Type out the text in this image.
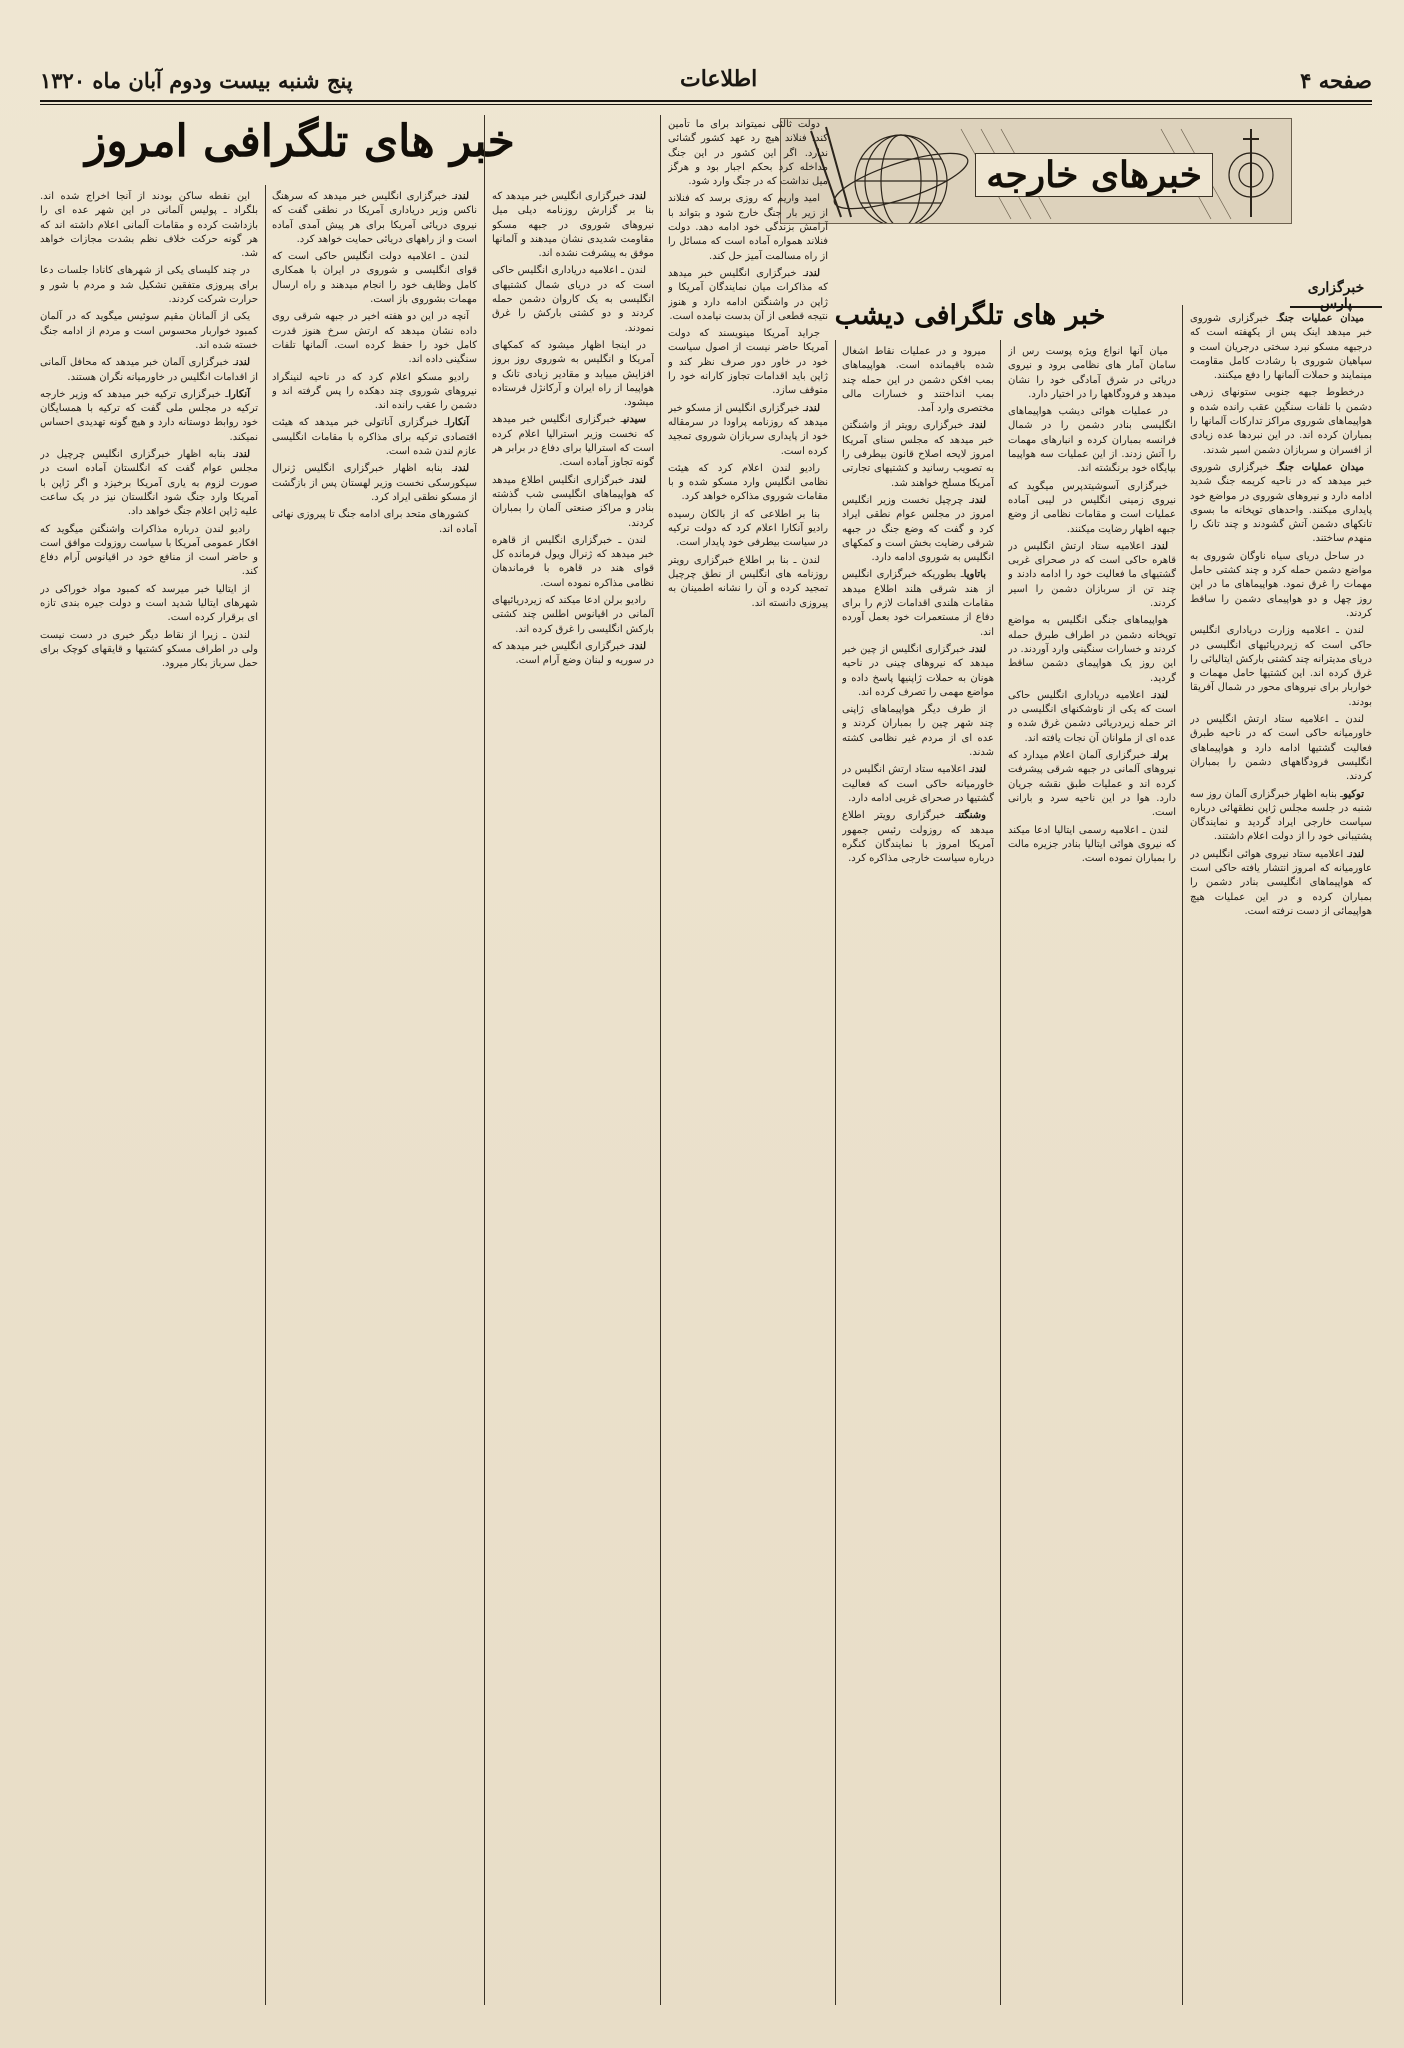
صفحه ۴
اطلاعات
پنج شنبه بیست ودوم آبان ماه ۱۳۲۰
خبرهای خارجه
خبر های تلگرافی امروز
خبر های تلگرافی دیشب
خبرگزاری پارس

میدان عملیات جنگـ خبرگزاری شوروی خبر میدهد اینک پس از یکهفته است که درجبهه مسکو نبرد سختی درجریان است و سپاهیان شوروی با رشادت کامل مقاومت مینمایند و حملات آلمانها را دفع میکنند.

درخطوط جبهه جنوبی ستونهای زرهی دشمن با تلفات سنگین عقب رانده شده و هواپیماهای شوروی مراکز تدارکات آلمانها را بمباران کرده اند. در این نبردها عده زیادی از افسران و سربازان دشمن اسیر شدند.

میدان عملیات جنگـ خبرگزاری شوروی خبر میدهد که در ناحیه کریمه جنگ شدید ادامه دارد و نیروهای شوروی در مواضع خود پایداری میکنند. واحدهای توپخانه ما بسوی تانکهای دشمن آتش گشودند و چند تانک را منهدم ساختند.

در ساحل دریای سیاه ناوگان شوروی به مواضع دشمن حمله کرد و چند کشتی حامل مهمات را غرق نمود. هواپیماهای ما در این روز چهل و دو هواپیمای دشمن را ساقط کردند.

لندن ـ اعلامیه وزارت دریاداری انگلیس حاکی است که زیردریائیهای انگلیسی در دریای مدیترانه چند کشتی بارکش ایتالیائی را غرق کرده اند. این کشتیها حامل مهمات و خواربار برای نیروهای محور در شمال آفریقا بودند.

لندن ـ اعلامیه ستاد ارتش انگلیس در خاورمیانه حاکی است که در ناحیه طبرق فعالیت گشتیها ادامه دارد و هواپیماهای انگلیسی فرودگاههای دشمن را بمباران کردند.

توکیوـ بنابه اظهار خبرگزاری آلمان روز سه شنبه در جلسه مجلس ژاپن نطقهائی درباره سیاست خارجی ایراد گردید و نمایندگان پشتیبانی خود را از دولت اعلام داشتند.

لندنـ اعلامیه ستاد نیروی هوائی انگلیس در عاورمیانه که امروز انتشار یافته حاکی است که هواپیماهای انگلیسی بنادر دشمن را بمباران کرده و در این عملیات هیچ هواپیمائی از دست نرفته است.

میان آنها انواع ویژه پوست رس از سامان آمار های نظامی برود و نیروی دریائی در شرق آمادگی خود را نشان میدهد و فرودگاهها را در اختیار دارد.

در عملیات هوائی دیشب هواپیماهای انگلیسی بنادر دشمن را در شمال فرانسه بمباران کرده و انبارهای مهمات را آتش زدند. از این عملیات سه هواپیما بپایگاه خود برنگشته اند.

خبرگزاری آسوشیتدپرس میگوید که نیروی زمینی انگلیس در لیبی آماده عملیات است و مقامات نظامی از وضع جبهه اظهار رضایت میکنند.

لندنـ اعلامیه ستاد ارتش انگلیس در قاهره حاکی است که در صحرای غربی گشتیهای ما فعالیت خود را ادامه دادند و چند تن از سربازان دشمن را اسیر کردند.

هواپیماهای جنگی انگلیس به مواضع توپخانه دشمن در اطراف طبرق حمله کردند و خسارات سنگینی وارد آوردند. در این روز یک هواپیمای دشمن ساقط گردید.

لندنـ اعلامیه دریاداری انگلیس حاکی است که یکی از ناوشکنهای انگلیسی در اثر حمله زیردریائی دشمن غرق شده و عده ای از ملوانان آن نجات یافته اند.

برلنـ خبرگزاری آلمان اعلام میدارد که نیروهای آلمانی در جبهه شرقی پیشرفت کرده اند و عملیات طبق نقشه جریان دارد. هوا در این ناحیه سرد و بارانی است.

لندن ـ اعلامیه رسمی ایتالیا ادعا میکند که نیروی هوائی ایتالیا بنادر جزیره مالت را بمباران نموده است.

میرود و در عملیات نقاط اشغال شده باقیمانده است. هواپیماهای بمب افکن دشمن در این حمله چند بمب انداختند و خسارات مالی مختصری وارد آمد.

لندنـ خبرگزاری رویتر از واشنگتن خبر میدهد که مجلس سنای آمریکا امروز لایحه اصلاح قانون بیطرفی را به تصویب رسانید و کشتیهای تجارتی آمریکا مسلح خواهند شد.

لندنـ چرچیل نخست وزیر انگلیس امروز در مجلس عوام نطقی ایراد کرد و گفت که وضع جنگ در جبهه شرقی رضایت بخش است و کمکهای انگلیس به شوروی ادامه دارد.

باتاویاـ بطوریکه خبرگزاری انگلیس از هند شرقی هلند اطلاع میدهد مقامات هلندی اقدامات لازم را برای دفاع از مستعمرات خود بعمل آورده اند.

لندنـ خبرگزاری انگلیس از چین خبر میدهد که نیروهای چینی در ناحیه هونان به حملات ژاپنیها پاسخ داده و مواضع مهمی را تصرف کرده اند.

از طرف دیگر هواپیماهای ژاپنی چند شهر چین را بمباران کردند و عده ای از مردم غیر نظامی کشته شدند.

لندنـ اعلامیه ستاد ارتش انگلیس در خاورمیانه حاکی است که فعالیت گشتیها در صحرای غربی ادامه دارد.

وشنگتنـ خبرگزاری رویتر اطلاع میدهد که روزولت رئیس جمهور آمریکا امروز با نمایندگان کنگره درباره سیاست خارجی مذاکره کرد.

دولت ثالثی نمیتواند برای ما تأمین کند. فنلاند هیچ رد عهد کشور گشائی ندارد. اگر این کشور در این جنگ مداخله کرد بحکم اجبار بود و هرگز میل نداشت که در جنگ وارد شود.

امید واریم که روزی برسد که فنلاند از زیر بار جنگ خارج شود و بتواند با آرامش بزندگی خود ادامه دهد. دولت فنلاند همواره آماده است که مسائل را از راه مسالمت آمیز حل کند.

لندنـ خبرگزاری انگلیس خبر میدهد که مذاکرات میان نمایندگان آمریکا و ژاپن در واشنگتن ادامه دارد و هنوز نتیجه قطعی از آن بدست نیامده است.

جراید آمریکا مینویسند که دولت آمریکا حاضر نیست از اصول سیاست خود در خاور دور صرف نظر کند و ژاپن باید اقدامات تجاوز کارانه خود را متوقف سازد.

لندنـ خبرگزاری انگلیس از مسکو خبر میدهد که روزنامه پراودا در سرمقاله خود از پایداری سربازان شوروی تمجید کرده است.

رادیو لندن اعلام کرد که هیئت نظامی انگلیس وارد مسکو شده و با مقامات شوروی مذاکره خواهد کرد.

بنا بر اطلاعی که از بالکان رسیده رادیو آنکارا اعلام کرد که دولت ترکیه در سیاست بیطرفی خود پایدار است.

لندن ـ بنا بر اطلاع خبرگزاری رویتر روزنامه های انگلیس از نطق چرچیل تمجید کرده و آن را نشانه اطمینان به پیروزی دانسته اند.

لندنـ خبرگزاری انگلیس خبر میدهد که بنا بر گزارش روزنامه دیلی میل نیروهای شوروی در جبهه مسکو مقاومت شدیدی نشان میدهند و آلمانها موفق به پیشرفت نشده اند.

لندن ـ اعلامیه دریاداری انگلیس حاکی است که در دریای شمال کشتیهای انگلیسی به یک کاروان دشمن حمله کردند و دو کشتی بارکش را غرق نمودند.

در اینجا اظهار میشود که کمکهای آمریکا و انگلیس به شوروی روز بروز افزایش مییابد و مقادیر زیادی تانک و هواپیما از راه ایران و آرکانژل فرستاده میشود.

سیدنیـ خبرگزاری انگلیس خبر میدهد که نخست وزیر استرالیا اعلام کرده است که استرالیا برای دفاع در برابر هر گونه تجاوز آماده است.

لندنـ خبرگزاری انگلیس اطلاع میدهد که هواپیماهای انگلیسی شب گذشته بنادر و مراکز صنعتی آلمان را بمباران کردند.

لندن ـ خبرگزاری انگلیس از قاهره خبر میدهد که ژنرال ویول فرمانده کل قوای هند در قاهره با فرماندهان نظامی مذاکره نموده است.

رادیو برلن ادعا میکند که زیردریائیهای آلمانی در اقیانوس اطلس چند کشتی بارکش انگلیسی را غرق کرده اند.

لندنـ خبرگزاری انگلیس خبر میدهد که در سوریه و لبنان وضع آرام است.

لندنـ خبرگزاری انگلیس خبر میدهد که سرهنگ ناکس وزیر دریاداری آمریکا در نطقی گفت که نیروی دریائی آمریکا برای هر پیش آمدی آماده است و از راههای دریائی حمایت خواهد کرد.

لندن ـ اعلامیه دولت انگلیس حاکی است که قوای انگلیسی و شوروی در ایران با همکاری کامل وظایف خود را انجام میدهند و راه ارسال مهمات بشوروی باز است.

آنچه در این دو هفته اخیر در جبهه شرقی روی داده نشان میدهد که ارتش سرخ هنوز قدرت کامل خود را حفظ کرده است. آلمانها تلفات سنگینی داده اند.

رادیو مسکو اعلام کرد که در ناحیه لنینگراد نیروهای شوروی چند دهکده را پس گرفته اند و دشمن را عقب رانده اند.

آنکاراـ خبرگزاری آناتولی خبر میدهد که هیئت اقتصادی ترکیه برای مذاکره با مقامات انگلیسی عازم لندن شده است.

لندنـ بنابه اظهار خبرگزاری انگلیس ژنرال سیکورسکی نخست وزیر لهستان پس از بازگشت از مسکو نطقی ایراد کرد.

کشورهای متحد برای ادامه جنگ تا پیروزی نهائی آماده اند.

این نقطه ساکن بودند از آنجا اخراج شده اند. بلگراد ـ پولیس آلمانی در این شهر عده ای را بازداشت کرده و مقامات آلمانی اعلام داشته اند که هر گونه حرکت خلاف نظم بشدت مجازات خواهد شد.

در چند کلیسای یکی از شهرهای کانادا جلسات دعا برای پیروزی متفقین تشکیل شد و مردم با شور و حرارت شرکت کردند.

یکی از آلمانان مقیم سوئیس میگوید که در آلمان کمبود خواربار محسوس است و مردم از ادامه جنگ خسته شده اند.

لندنـ خبرگزاری آلمان خبر میدهد که محافل آلمانی از اقدامات انگلیس در خاورمیانه نگران هستند.

آنکاراـ خبرگزاری ترکیه خبر میدهد که وزیر خارجه ترکیه در مجلس ملی گفت که ترکیه با همسایگان خود روابط دوستانه دارد و هیچ گونه تهدیدی احساس نمیکند.

لندنـ بنابه اظهار خبرگزاری انگلیس چرچیل در مجلس عوام گفت که انگلستان آماده است در صورت لزوم به یاری آمریکا برخیزد و اگر ژاپن با آمریکا وارد جنگ شود انگلستان نیز در یک ساعت علیه ژاپن اعلام جنگ خواهد داد.

رادیو لندن درباره مذاکرات واشنگتن میگوید که افکار عمومی آمریکا با سیاست روزولت موافق است و حاضر است از منافع خود در اقیانوس آرام دفاع کند.

از ایتالیا خبر میرسد که کمبود مواد خوراکی در شهرهای ایتالیا شدید است و دولت جیره بندی تازه ای برقرار کرده است.

لندن ـ زیرا از نقاط دیگر خبری در دست نیست ولی در اطراف مسکو کشتیها و قایقهای کوچک برای حمل سرباز بکار میرود.
